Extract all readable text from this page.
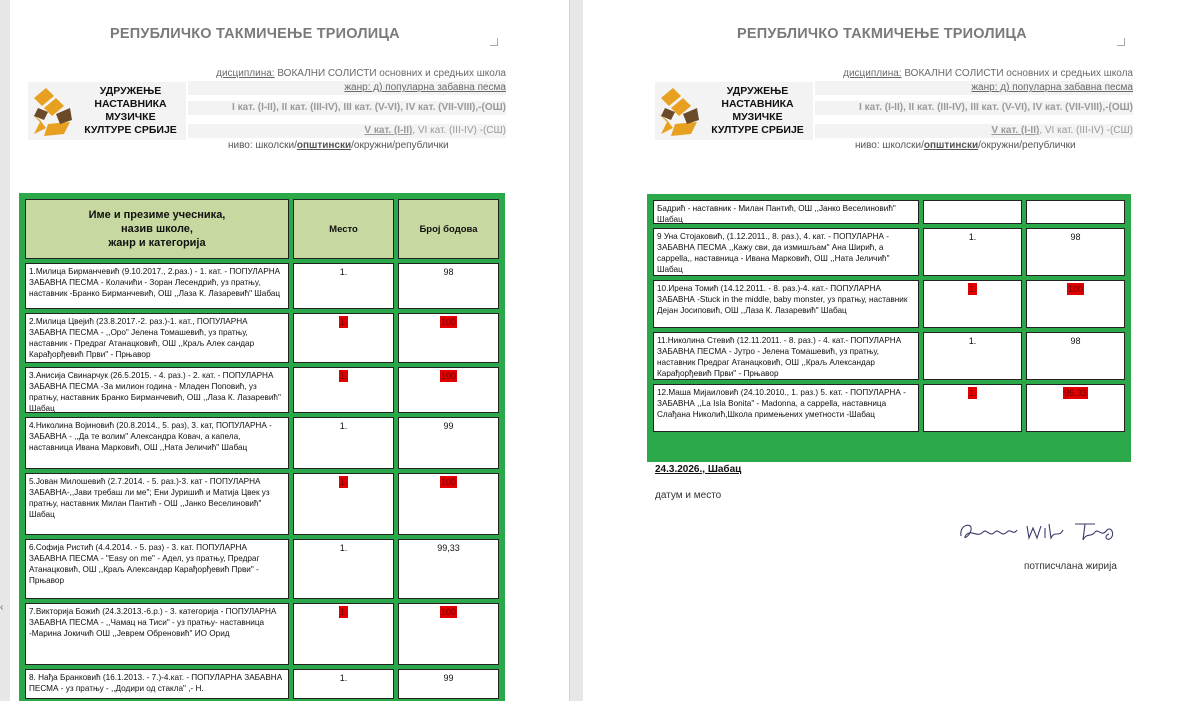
‹
РЕПУБЛИЧКО ТАКМИЧЕЊЕ ТРИОЛИЦА
УДРУЖЕЊЕ
НАСТАВНИКА
МУЗИЧКЕ
КУЛТУРЕ СРБИЈЕ
дисциплина: ВОКАЛНИ СОЛИСТИ основних и средњих школа
жанр: д) популарна забавна песма
I кат. (I-II), II кат. (III-IV), III кат. (V-VI), IV кат. (VII-VIII),-(ОШ)
V кат. (I-II), VI кат. (III-IV) -(СШ)
ниво: школски/општински/окружни/републички
Име и презиме учесника,
назив школе,
жанр и категорија
Место	Број бодова
1.Милица Бирманчевић (9.10.2017., 2.раз.) - 1. кат. - ПОПУЛАРНА ЗАБАВНА ПЕСМА - Колачићи - Зоран Лесендрић, уз пратњу, наставник -Бранко Бирманчевић, ОШ ,,Лаза К. Лазаревић" Шабац
1.	98
2.Милица Цвејић (23.8.2017.-2. раз.)-1. кат., ПОПУЛАРНА ЗАБАВНА ПЕСМА - ,,Оро" Јелена Томашевић, уз пратњу, наставник - Предраг Атанацковић, ОШ ,,Краљ Алек сандар Карађорђевић Први" - Прњавор
1.	100
3.Анисија Свинарчук (26.5.2015. - 4. раз.) - 2. кат. - ПОПУЛАРНА ЗАБАВНА ПЕСМА -За милион година - Младен Поповић, уз пратњу, наставник Бранко Бирманчевић, ОШ ,,Лаза К. Лазаревић" Шабац
1.	100
4.Николина Војиновић (20.8.2014., 5. раз), 3. кат, ПОПУЛАРНА - ЗАБАВНА - ,,Да те волим" Александра Ковач, а капела, наставница Ивана Марковић, ОШ ,,Ната Јеличић" Шабац
1.	99
5.Јован Милошевић (2.7.2014. - 5. раз.)-3. кат - ПОПУЛАРНА ЗАБАВНА-,,Јави требаш ли ме"; Ени Јуришић и Матија Цвек уз пратњу, наставник Милан Пантић - ОШ ,,Јанко Веселиновић" Шабац
1.	100
6.Софија Ристић (4.4.2014. - 5. раз) - 3. кат. ПОПУЛАРНА ЗАБАВНА ПЕСМА - "Easy on me" - Адел, уз пратњу, Предраг Атанацковић, ОШ ,,Краљ Александар Карађорђевић Први" - Прњавор
1.	99,33
7.Викторија Божић (24.3.2013.-6.р.) - 3. категорија - ПОПУЛАРНА ЗАБАВНА ПЕСМА - ,,Чамац на Тиси" - уз пратњу- наставница -Марина Јокичић ОШ ,,Јеврем Обреновић" ИО Орид
1.	100
8. Нађа Бранковић (16.1.2013. - 7.)-4.кат. - ПОПУЛАРНА ЗАБАВНА ПЕСМА - уз пратњу - ,,Додири од стакла" ,- Н.
1.	99
РЕПУБЛИЧКО ТАКМИЧЕЊЕ ТРИОЛИЦА
УДРУЖЕЊЕ
НАСТАВНИКА
МУЗИЧКЕ
КУЛТУРЕ СРБИЈЕ
дисциплина: ВОКАЛНИ СОЛИСТИ основних и средњих школа
жанр: д) популарна забавна песма
I кат. (I-II), II кат. (III-IV), III кат. (V-VI), IV кат. (VII-VIII),-(ОШ)
V кат. (I-II), VI кат. (III-IV) -(СШ)
ниво: школски/општински/окружни/републички
Бадрић - наставник - Милан Пантић, ОШ ,,Јанко Веселиновић" Шабац
9 Уна Стојаковић, (1.12.2011., 8. раз.), 4. кат. - ПОПУЛАРНА - ЗАБАВНА ПЕСМА ,,Кажу сви, да измишљам" Ана Ширић, а cappella,, наставница - Ивана Марковић, ОШ ,,Ната Јеличић" Шабац
1.	98
10.Ирена Томић (14.12.2011. - 8. раз.)-4. кат.- ПОПУЛАРНА ЗАБАВНА -Stuck in the middle, baby monster, уз пратњу, наставник Дејан Јосиповић, ОШ ,,Лаза К. Лазаревић" Шабац
1.	100
11.Николина Стевић (12.11.2011. - 8. раз.) - 4. кат.- ПОПУЛАРНА ЗАБАВНА ПЕСМА - Јутро - Јелена Томашевић, уз пратњу, наставник Предраг Атанацковић, ОШ ,,Краљ Александар Карађорђевић Први" - Прњавор
1.	98
12.Маша Мијаиловић (24.10.2010., 1. раз.) 5. кат. - ПОПУЛАРНА - ЗАБАВНА ,,La Isla Bonita" - Madonna, a cappella, наставница Слађана Николић,Школа примењених уметности -Шабац
1.	95,33
24.3.2026., Шабац
датум и место
потписчлана жирија
